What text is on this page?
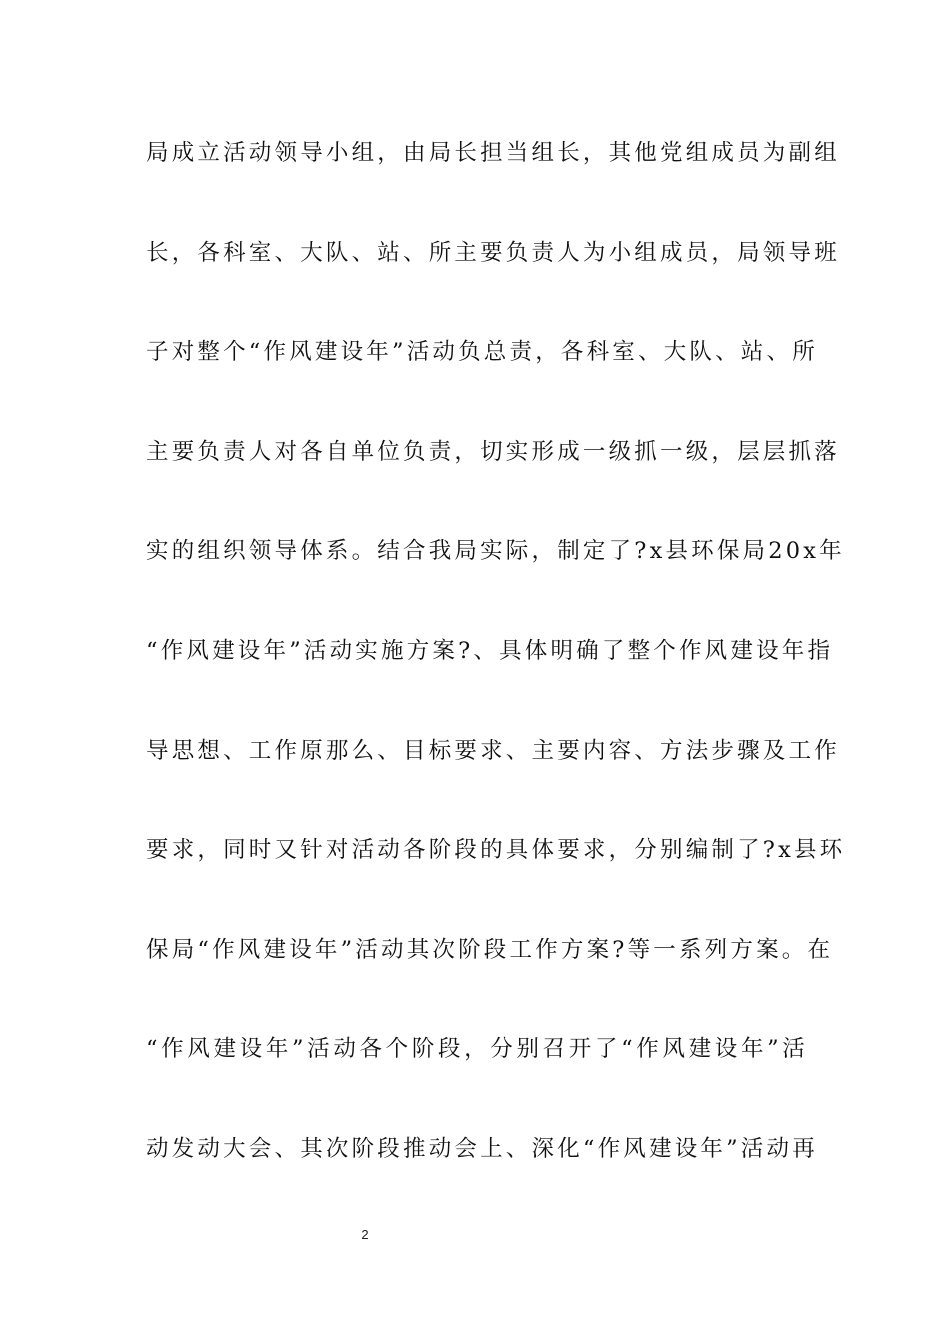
局成立活动领导小组，由局长担当组长，其他党组成员为副组
长，各科室、大队、站、所主要负责人为小组成员，局领导班
子对整个“作风建设年”活动负总责，各科室、大队、站、所
主要负责人对各自单位负责，切实形成一级抓一级，层层抓落
实的组织领导体系。结合我局实际，制定了?x县环保局20x年
“作风建设年”活动实施方案?、具体明确了整个作风建设年指
导思想、工作原那么、目标要求、主要内容、方法步骤及工作
要求，同时又针对活动各阶段的具体要求，分别编制了?x县环
保局“作风建设年”活动其次阶段工作方案?等一系列方案。在
“作风建设年”活动各个阶段，分别召开了“作风建设年”活
动发动大会、其次阶段推动会上、深化“作风建设年”活动再
2
